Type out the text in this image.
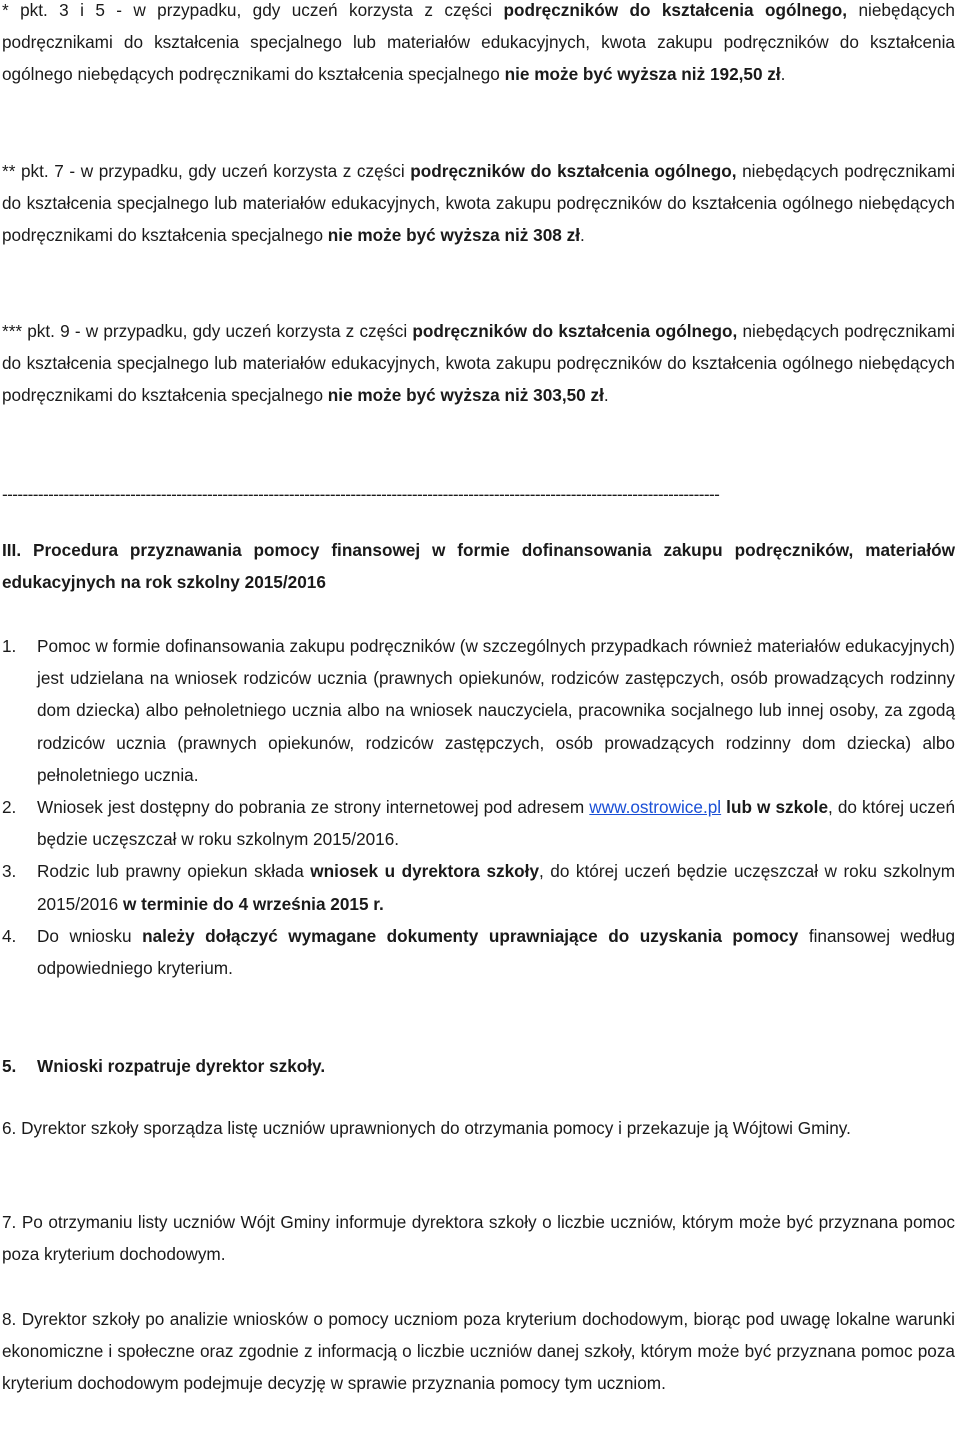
* pkt. 3 i 5 - w przypadku, gdy uczeń korzysta z części podręczników do kształcenia ogólnego, niebędących podręcznikami do kształcenia specjalnego lub materiałów edukacyjnych, kwota zakupu podręczników do kształcenia ogólnego niebędących podręcznikami do kształcenia specjalnego nie może być wyższa niż 192,50 zł.

** pkt. 7 - w przypadku, gdy uczeń korzysta z części podręczników do kształcenia ogólnego, niebędących podręcznikami do kształcenia specjalnego lub materiałów edukacyjnych, kwota zakupu podręczników do kształcenia ogólnego niebędących podręcznikami do kształcenia specjalnego nie może być wyższa niż 308 zł.

*** pkt. 9 - w przypadku, gdy uczeń korzysta z części podręczników do kształcenia ogólnego, niebędących podręcznikami do kształcenia specjalnego lub materiałów edukacyjnych, kwota zakupu podręczników do kształcenia ogólnego niebędących podręcznikami do kształcenia specjalnego nie może być wyższa niż 303,50 zł.

--------------------------------------------------------------------------------------------------------------------------------------------

III. Procedura przyznawania pomocy finansowej w formie dofinansowania zakupu podręczników, materiałów edukacyjnych na rok szkolny 2015/2016

1.	Pomoc w formie dofinansowania zakupu podręczników (w szczególnych przypadkach również materiałów edukacyjnych) jest udzielana na wniosek rodziców ucznia (prawnych opiekunów, rodziców zastępczych, osób prowadzących rodzinny dom dziecka) albo pełnoletniego ucznia albo na wniosek nauczyciela, pracownika socjalnego lub innej osoby, za zgodą rodziców ucznia (prawnych opiekunów, rodziców zastępczych, osób prowadzących rodzinny dom dziecka) albo pełnoletniego ucznia.

2.	Wniosek jest dostępny do pobrania ze strony internetowej pod adresem www.ostrowice.pl lub w szkole, do której uczeń będzie uczęszczał w roku szkolnym 2015/2016.

3.	Rodzic lub prawny opiekun składa wniosek u dyrektora szkoły, do której uczeń będzie uczęszczał w roku szkolnym 2015/2016 w terminie do 4 września 2015 r.

4.	Do wniosku należy dołączyć wymagane dokumenty uprawniające do uzyskania pomocy finansowej według odpowiedniego kryterium.

5.	Wnioski rozpatruje dyrektor szkoły.

6. Dyrektor szkoły sporządza listę uczniów uprawnionych do otrzymania pomocy i przekazuje ją Wójtowi Gminy.

7. Po otrzymaniu listy uczniów Wójt Gminy informuje dyrektora szkoły o liczbie uczniów, którym może być przyznana pomoc poza kryterium dochodowym.

8. Dyrektor szkoły po analizie wniosków o pomocy uczniom poza kryterium dochodowym, biorąc pod uwagę lokalne warunki ekonomiczne i społeczne oraz zgodnie z informacją o liczbie uczniów danej szkoły, którym może być przyznana pomoc poza kryterium dochodowym podejmuje decyzję w sprawie przyznania pomocy tym uczniom.
